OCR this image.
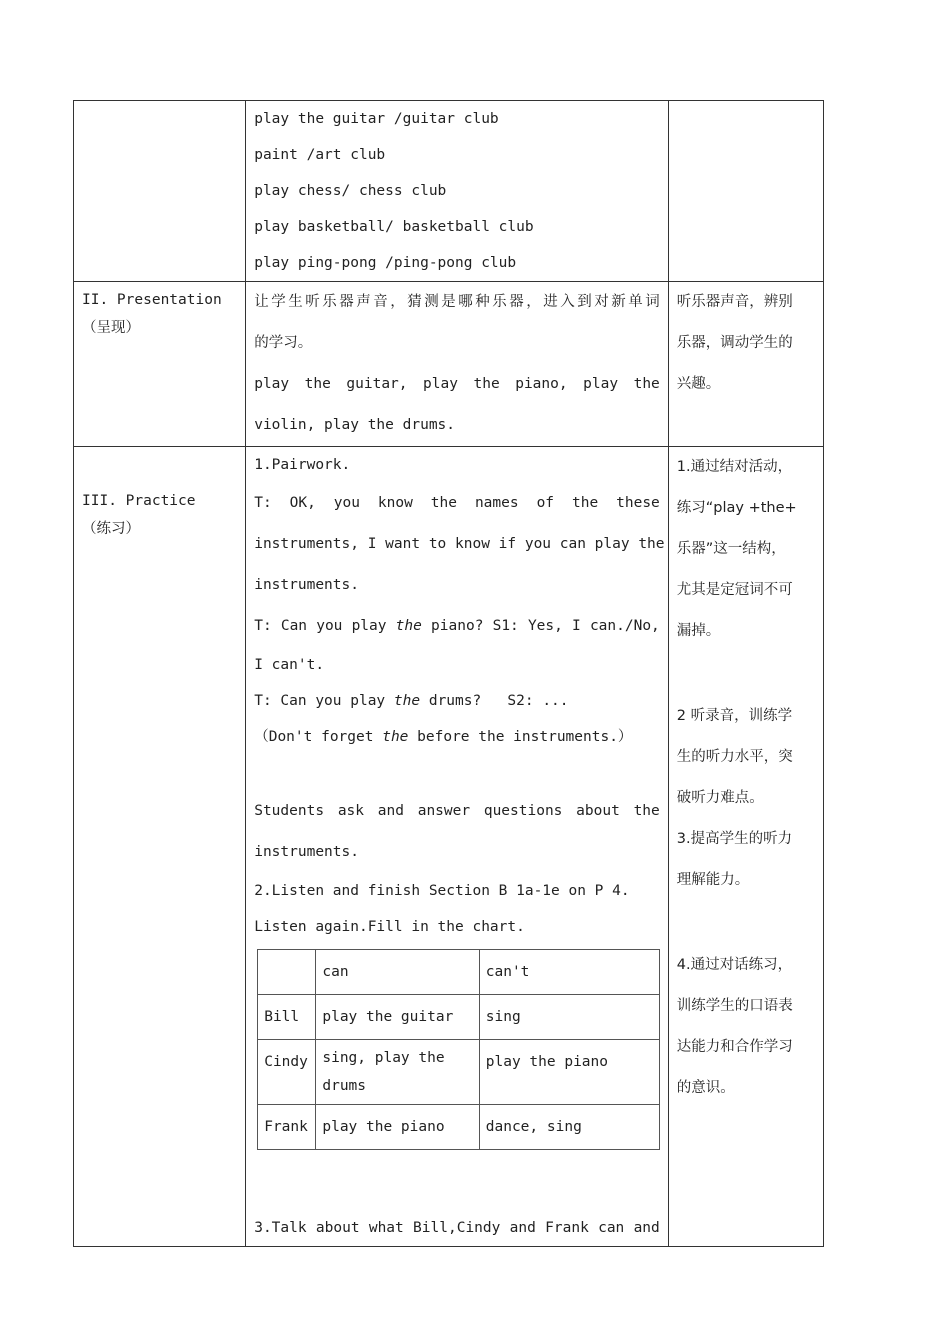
play the guitar /guitar club
paint /art club
play chess/ chess club
play basketball/ basketball club
play ping-pong /ping-pong club

II. Presentation
（呈现）

让学生听乐器声音，猜测是哪种乐器，进入到对新单词
的学习。
play the guitar, play the piano, play the
violin, play the drums.

听乐器声音，辨别
乐器，调动学生的
兴趣。

III. Practice
（练习）

1.Pairwork.
T: OK, you know the names of the these
instruments, I want to know if you can play the
instruments.
T: Can you play the piano? S1: Yes, I can./No,
I can't.
T: Can you play the drums?   S2: ...
（Don't forget the before the instruments.）
Students ask and answer questions about the
instruments.
2.Listen and finish Section B 1a-1e on P 4.
Listen again.Fill in the chart.
	can	can't
Bill	play the guitar	sing
Cindy	sing, play the drums	play the piano
Frank	play the piano	dance, sing
3.Talk about what Bill,Cindy and Frank can and

1.通过结对活动，
练习“play +the+
乐器”这一结构，
尤其是定冠词不可
漏掉。
2 听录音，训练学
生的听力水平，突
破听力难点。
3.提高学生的听力
理解能力。
4.通过对话练习，
训练学生的口语表
达能力和合作学习
的意识。
